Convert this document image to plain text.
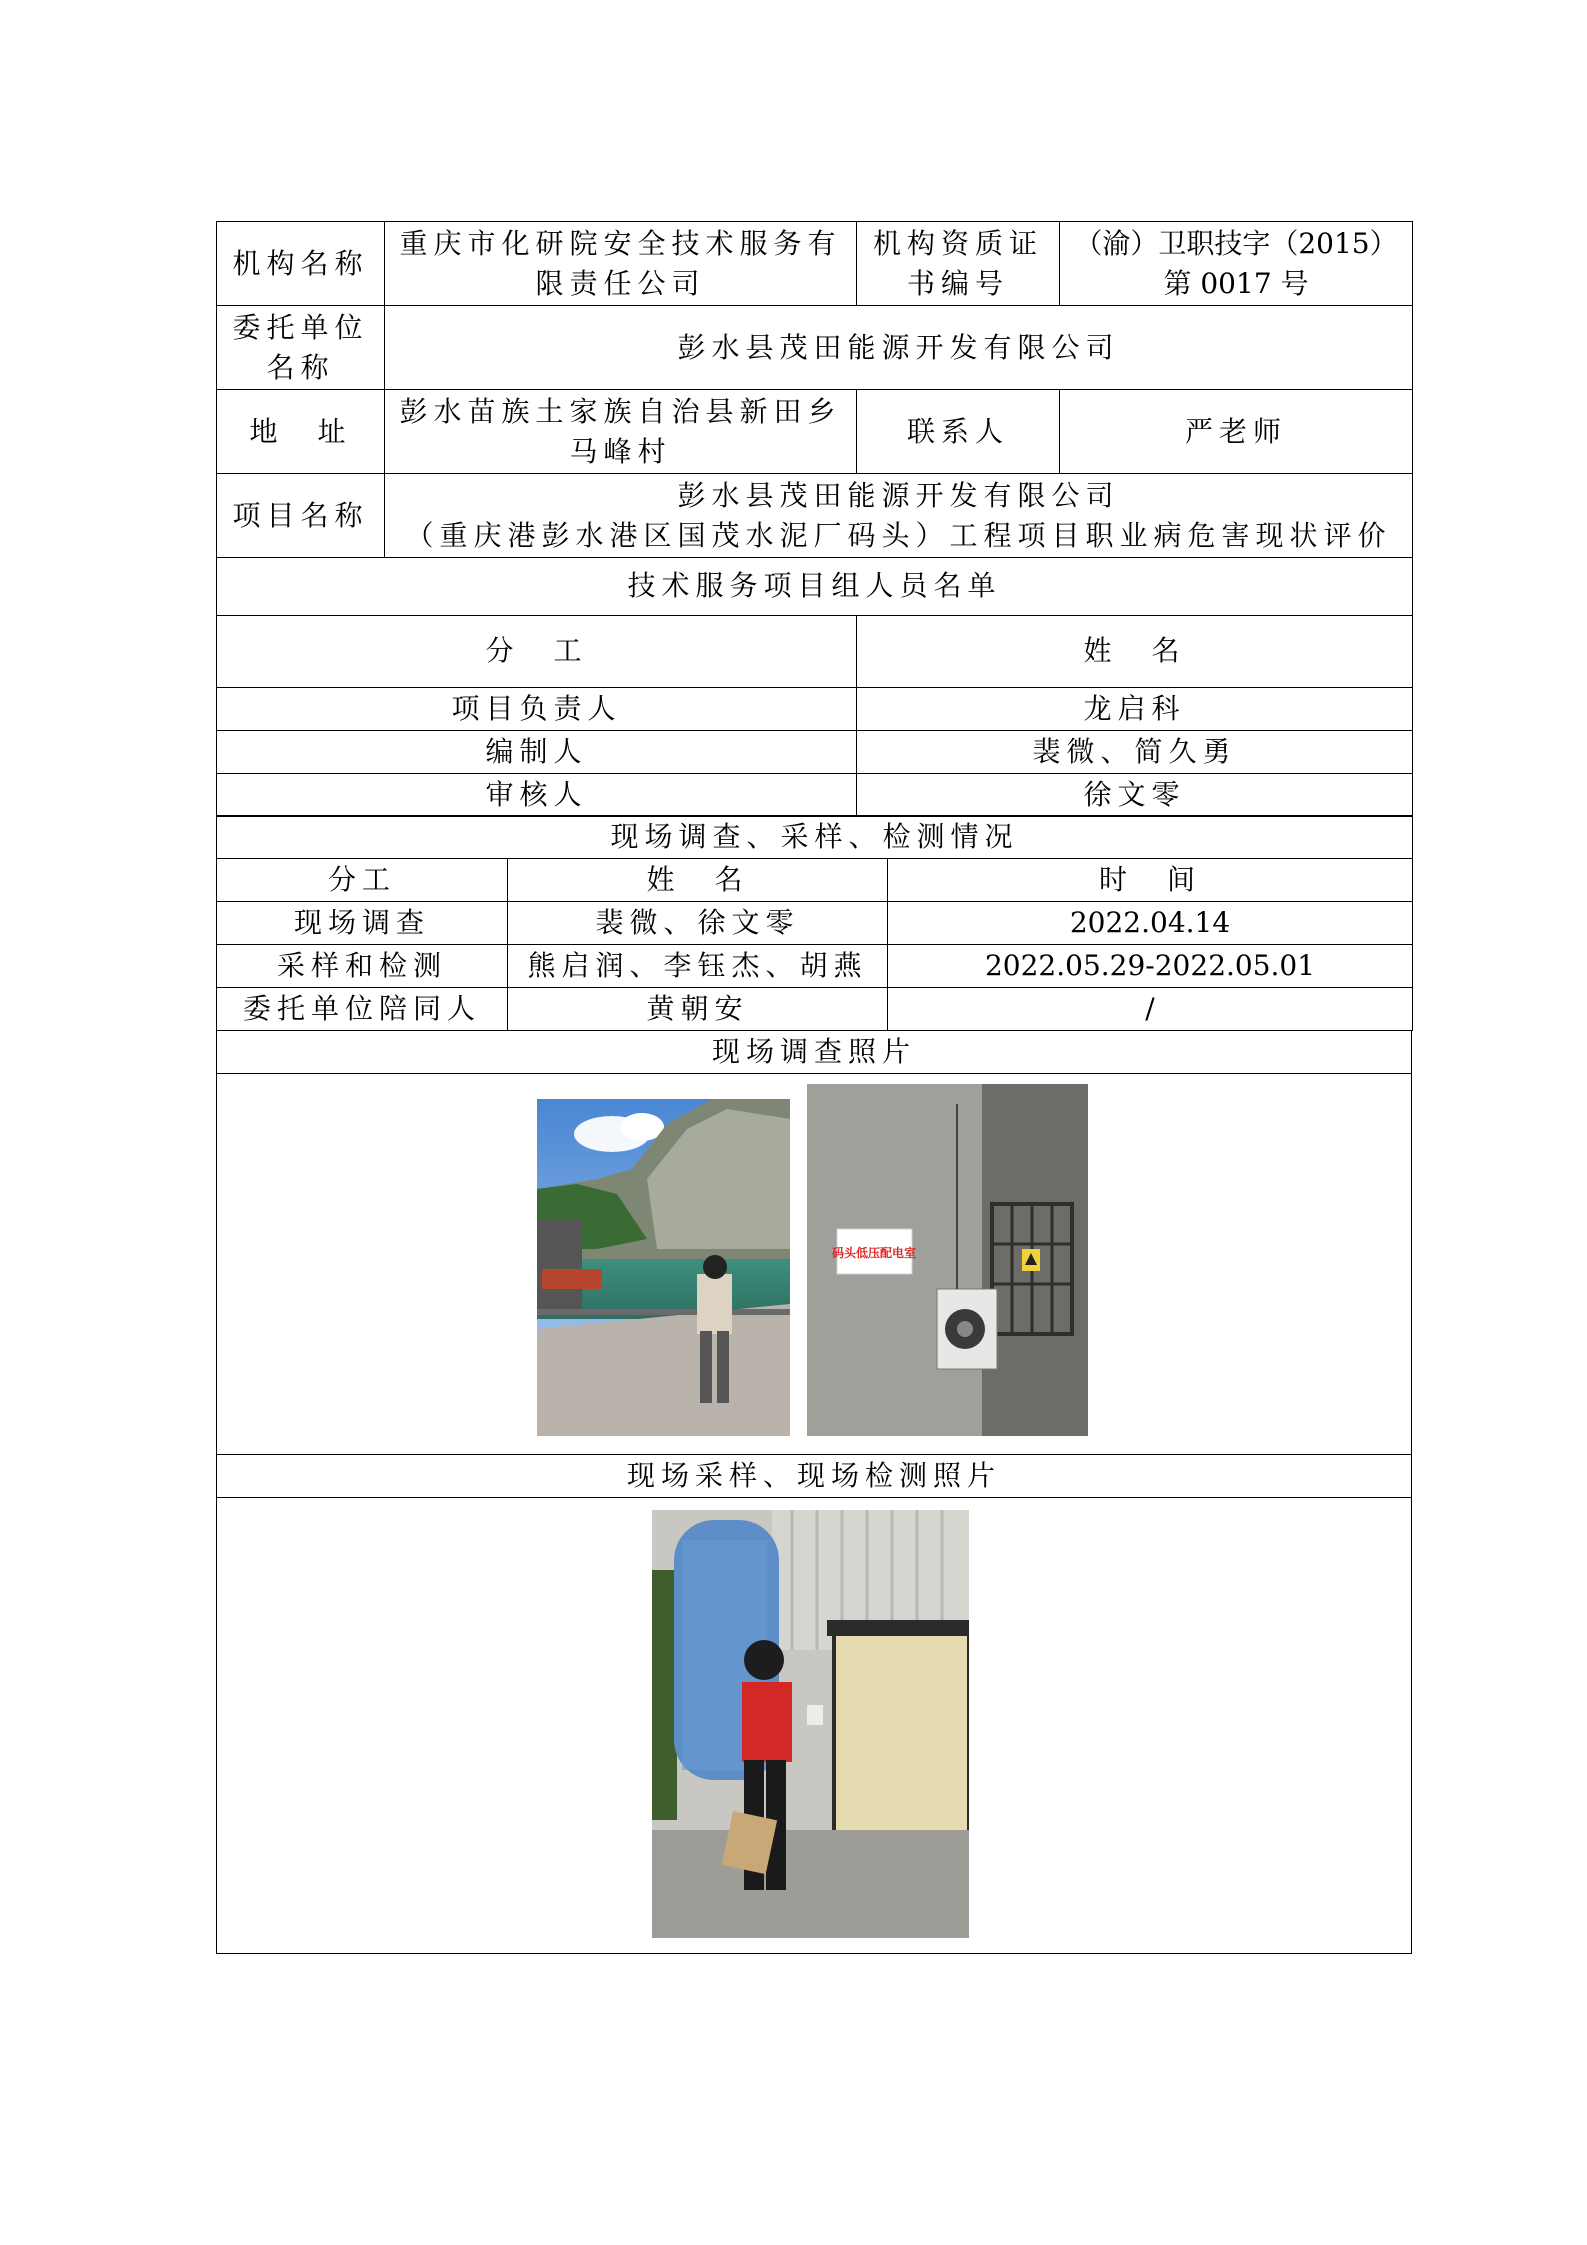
机构名称	重庆市化研院安全技术服务有限责任公司	机构资质证书编号	（渝）卫职技字（2015）第 0017 号
委托单位名称	彭水县茂田能源开发有限公司		
地　址	彭水苗族土家族自治县新田乡马峰村	联系人	严老师
项目名称	彭水县茂田能源开发有限公司
（重庆港彭水港区国茂水泥厂码头）工程项目职业病危害现状评价		
技术服务项目组人员名单	
分　工	姓　名
项目负责人	龙启科
编制人	裴微、简久勇
审核人	徐文零
现场调查、采样、检测情况		
分工	姓　名	时　间
现场调查	裴微、徐文零	2022.04.14
采样和检测	熊启润、李钰杰、胡燕	2022.05.29-2022.05.01
委托单位陪同人	黄朝安	/
现场调查照片

码头低压配电室

现场采样、现场检测照片
